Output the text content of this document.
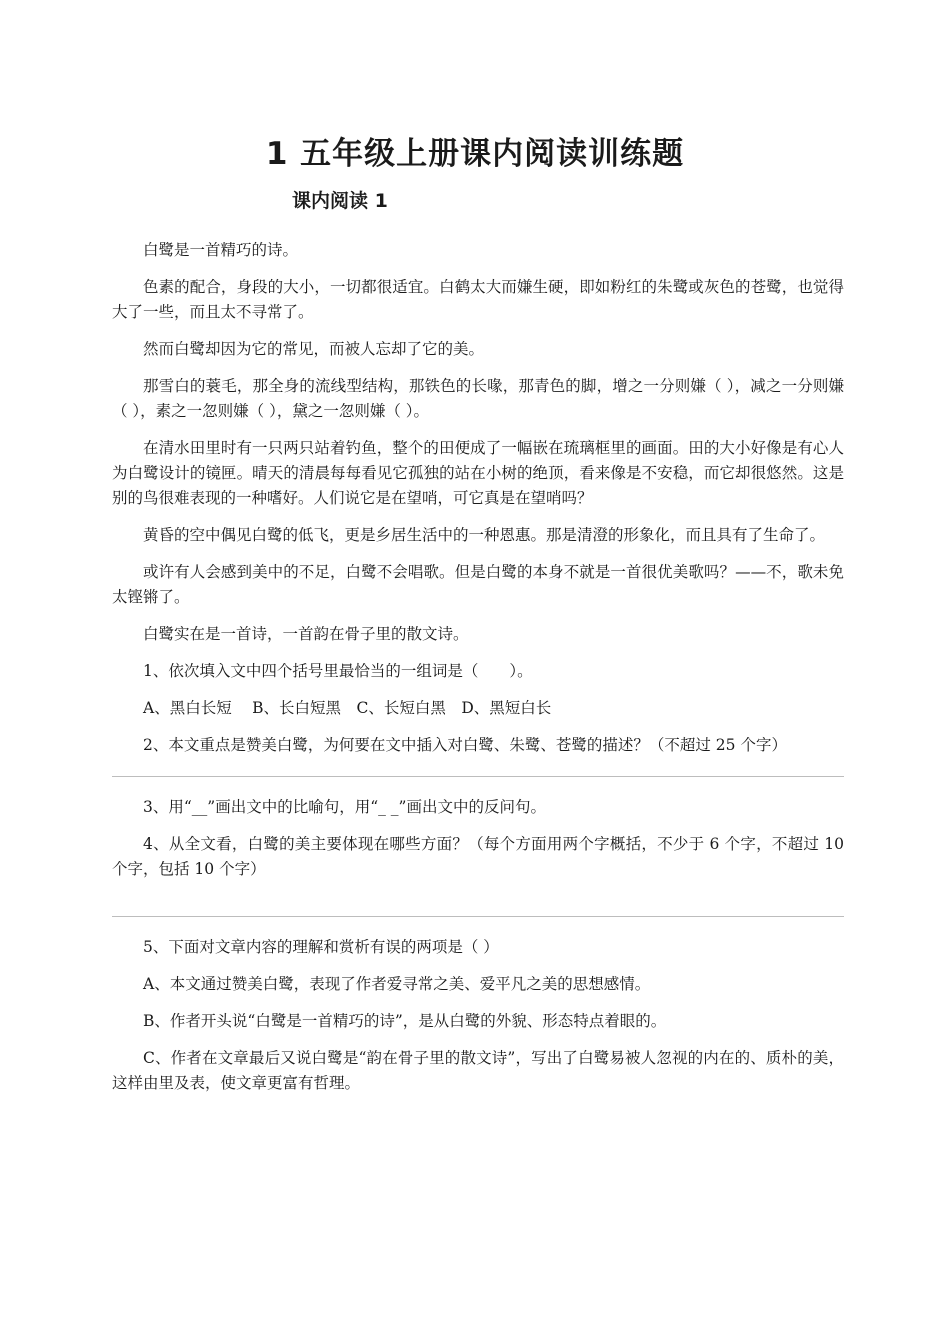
1 五年级上册课内阅读训练题
课内阅读 1

白鹭是一首精巧的诗。

色素的配合，身段的大小，一切都很适宜。白鹤太大而嫌生硬，即如粉红的朱鹭或灰色的苍鹭，也觉得大了一些，而且太不寻常了。

然而白鹭却因为它的常见，而被人忘却了它的美。

那雪白的蓑毛，那全身的流线型结构，那铁色的长喙，那青色的脚，增之一分则嫌（ ），减之一分则嫌（ ），素之一忽则嫌（ ），黛之一忽则嫌（ ）。

在清水田里时有一只两只站着钓鱼，整个的田便成了一幅嵌在琉璃框里的画面。田的大小好像是有心人为白鹭设计的镜匣。晴天的清晨每每看见它孤独的站在小树的绝顶，看来像是不安稳，而它却很悠然。这是别的鸟很难表现的一种嗜好。人们说它是在望哨，可它真是在望哨吗？

黄昏的空中偶见白鹭的低飞，更是乡居生活中的一种恩惠。那是清澄的形象化，而且具有了生命了。

或许有人会感到美中的不足，白鹭不会唱歌。但是白鹭的本身不就是一首很优美歌吗？——不，歌未免太铿锵了。

白鹭实在是一首诗，一首韵在骨子里的散文诗。

1、依次填入文中四个括号里最恰当的一组词是（　　）。

A、黑白长短　 B、长白短黑　C、长短白黑　D、黑短白长

2、本文重点是赞美白鹭，为何要在文中插入对白鹭、朱鹭、苍鹭的描述？（不超过 25 个字）

3、用“__”画出文中的比喻句，用“_ _”画出文中的反问句。

4、从全文看，白鹭的美主要体现在哪些方面？（每个方面用两个字概括，不少于 6 个字，不超过 10 个字，包括 10 个字）

5、下面对文章内容的理解和赏析有误的两项是（ ）

A、本文通过赞美白鹭，表现了作者爱寻常之美、爱平凡之美的思想感情。

B、作者开头说“白鹭是一首精巧的诗”，是从白鹭的外貌、形态特点着眼的。

C、作者在文章最后又说白鹭是“韵在骨子里的散文诗”，写出了白鹭易被人忽视的内在的、质朴的美，这样由里及表，使文章更富有哲理。
